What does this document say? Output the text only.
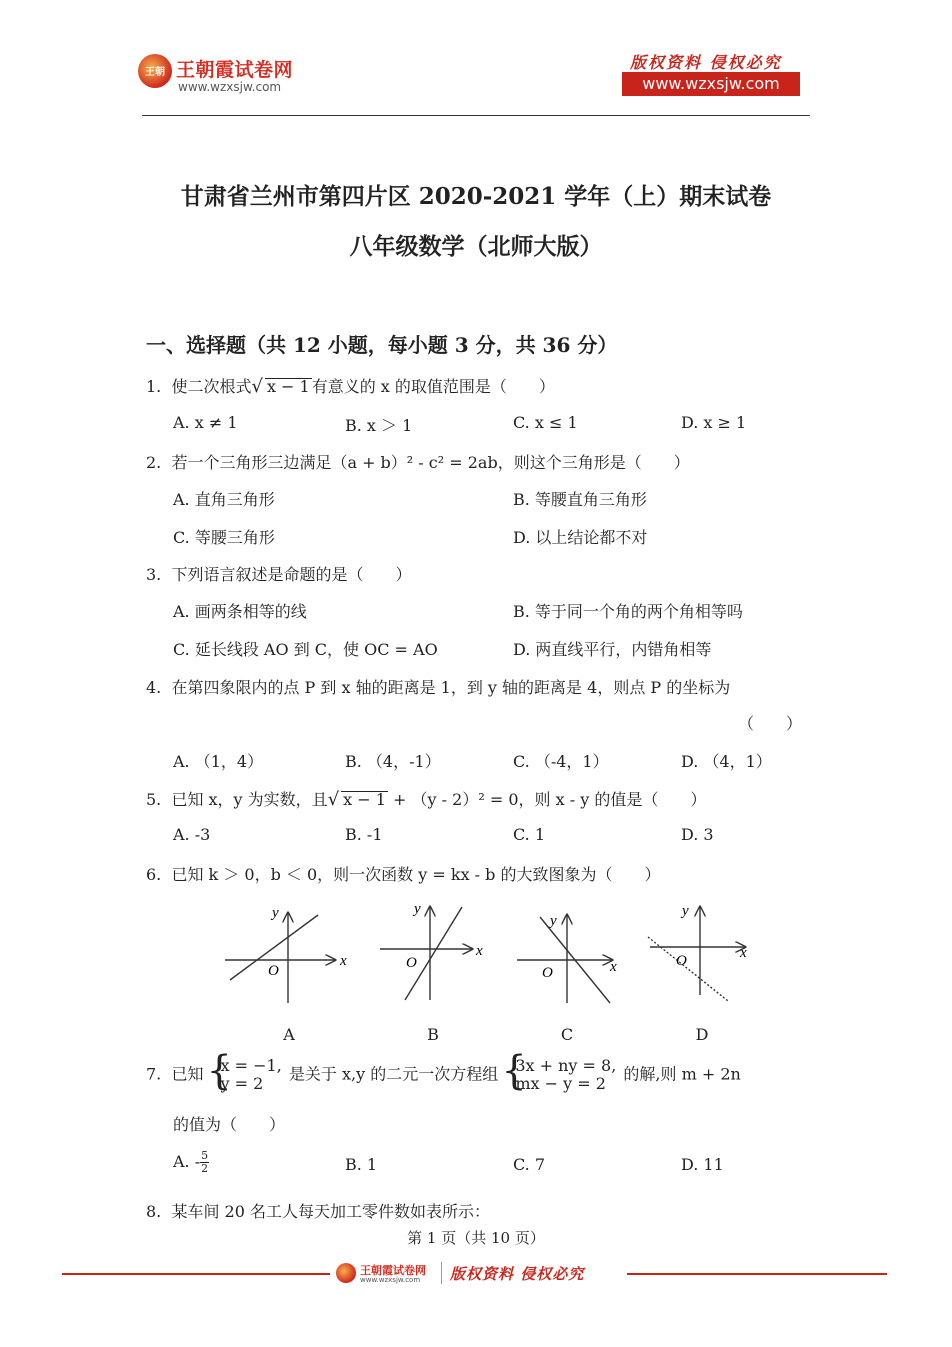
王朝 王朝霞试卷网
www.wzxsjw.com
版权资料 侵权必究
www.wzxsjw.com
甘肃省兰州市第四片区 2020-2021 学年（上）期末试卷
八年级数学（北师大版）
一、选择题（共 12 小题，每小题 3 分，共 36 分）
1. 使二次根式√ x − 1 有意义的 x 的取值范围是（　　）
A. x ≠ 1	B. x ＞ 1	C. x ≤ 1	D. x ≥ 1
2. 若一个三角形三边满足（a + b）² - c² = 2ab，则这个三角形是（　　）
A. 直角三角形	B. 等腰直角三角形
C. 等腰三角形	D. 以上结论都不对
3. 下列语言叙述是命题的是（　　）
A. 画两条相等的线	B. 等于同一个角的两个角相等吗
C. 延长线段 AO 到 C，使 OC = AO	D. 两直线平行，内错角相等
4. 在第四象限内的点 P 到 x 轴的距离是 1，到 y 轴的距离是 4，则点 P 的坐标为
（　　）
A. （1，4）	B. （4，-1）	C. （-4，1）	D. （4，1）
5. 已知 x，y 为实数，且√ x − 1 + （y - 2）² = 0，则 x - y 的值是（　　）
A. -3	B. -1	C. 1	D. 3
6. 已知 k ＞ 0，b ＜ 0，则一次函数 y = kx - b 的大致图象为（　　）
O
x
y
O
x
y
O	x
y
O	x
y
A	B	C	D
7. 已知 { x = −1,
y = 2	是关于 x,y 的二元一次方程组 { 3x + ny = 8,
mx − y = 2	的解,则 m + 2n
的值为（　　）
A. - $\frac{5}{2}$	B. 1	C. 7	D. 11
8. 某车间 20 名工人每天加工零件数如表所示：
第 1 页（共 10 页）
王朝霞试卷网
www.wzxsjw.com 版权资料 侵权必究
